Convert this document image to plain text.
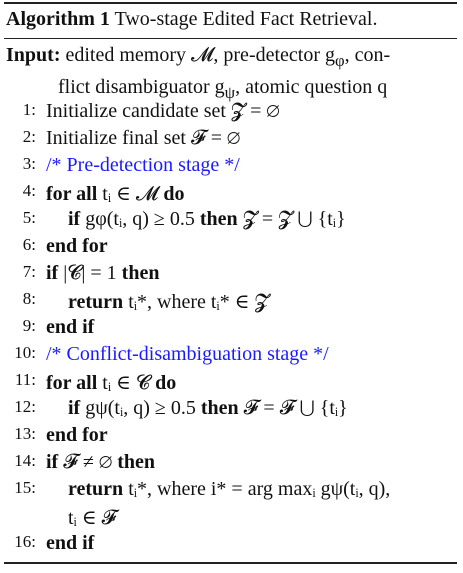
Algorithm 1 Two-stage Edited Fact Retrieval.
Input: edited memory 𝓜, pre-detector $g_\varphi$, con-
flict disambiguator $g_\psi$, atomic question q
1: Initialize candidate set 𝓩 = ∅
2: Initialize final set 𝓕 = ∅
3: /* Pre-detection stage */
4: for all tᵢ ∈ 𝓜 do
5:	if gφ(tᵢ, q) ≥ 0.5 then 𝓩 = 𝓩 ⋃ {tᵢ}
6: end for
7: if |𝓒| = 1 then
8:	return tᵢ*, where tᵢ* ∈ 𝓩
9: end if
10: /* Conflict-disambiguation stage */
11: for all tᵢ ∈ 𝓒 do
12:	if gψ(tᵢ, q) ≥ 0.5 then 𝓕 = 𝓕 ⋃ {tᵢ}
13: end for
14: if 𝓕 ≠ ∅ then
15:	return tᵢ*, where i* = arg maxᵢ gψ(tᵢ, q),
tᵢ ∈ 𝓕
16: end if
